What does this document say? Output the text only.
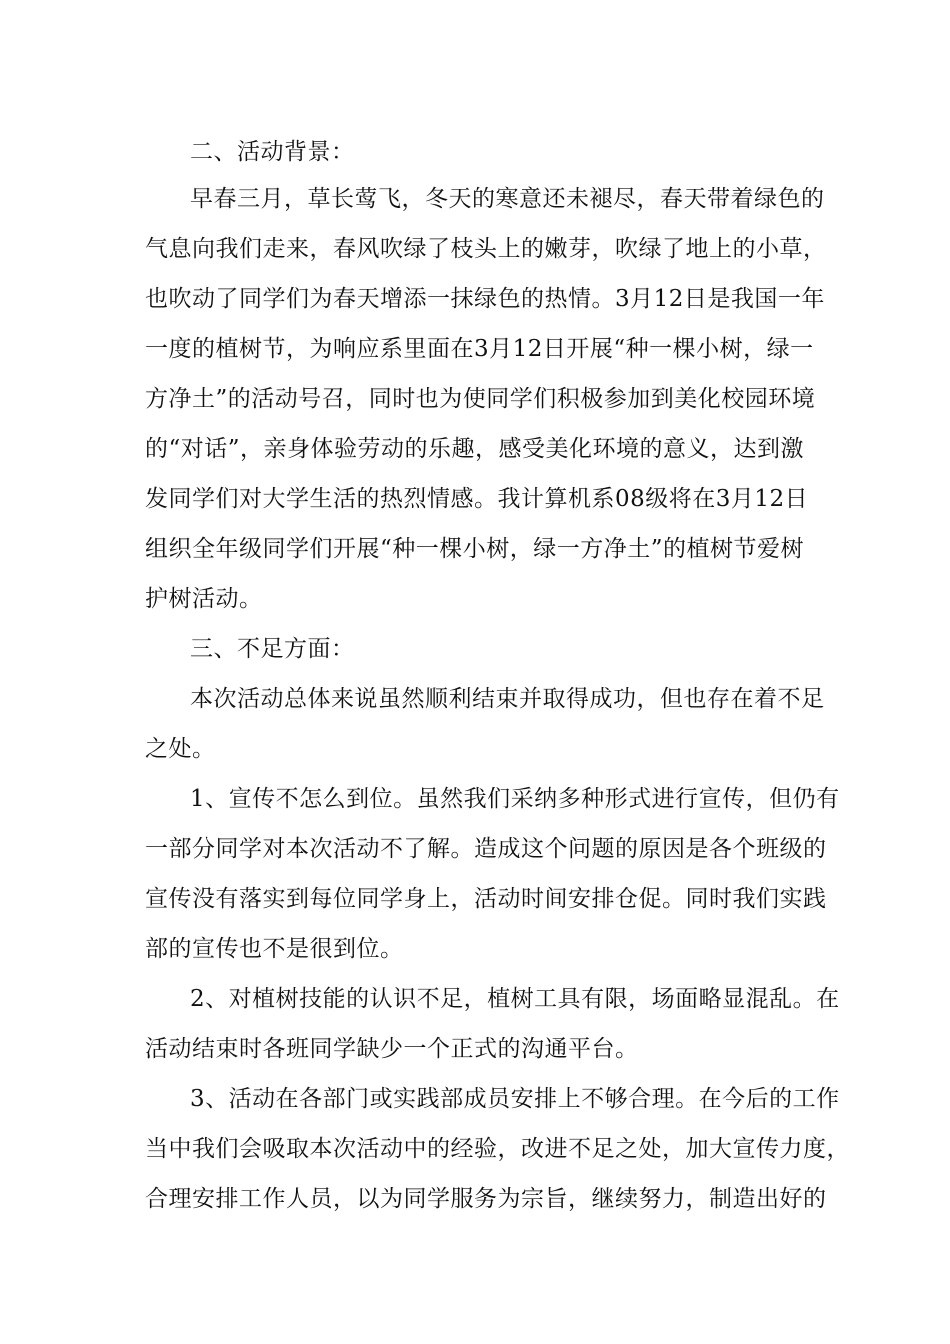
二、活动背景：
早春三月，草长莺飞，冬天的寒意还未褪尽，春天带着绿色的
气息向我们走来，春风吹绿了枝头上的嫩芽，吹绿了地上的小草，
也吹动了同学们为春天增添一抹绿色的热情。3月12日是我国一年
一度的植树节，为响应系里面在3月12日开展“种一棵小树，绿一
方净土”的活动号召，同时也为使同学们积极参加到美化校园环境
的“对话”，亲身体验劳动的乐趣，感受美化环境的意义，达到激
发同学们对大学生活的热烈情感。我计算机系08级将在3月12日
组织全年级同学们开展“种一棵小树，绿一方净土”的植树节爱树
护树活动。
三、不足方面：
本次活动总体来说虽然顺利结束并取得成功，但也存在着不足
之处。
1、宣传不怎么到位。虽然我们采纳多种形式进行宣传，但仍有
一部分同学对本次活动不了解。造成这个问题的原因是各个班级的
宣传没有落实到每位同学身上，活动时间安排仓促。同时我们实践
部的宣传也不是很到位。
2、对植树技能的认识不足，植树工具有限，场面略显混乱。在
活动结束时各班同学缺少一个正式的沟通平台。
3、活动在各部门或实践部成员安排上不够合理。在今后的工作
当中我们会吸取本次活动中的经验，改进不足之处，加大宣传力度，
合理安排工作人员，以为同学服务为宗旨，继续努力，制造出好的
